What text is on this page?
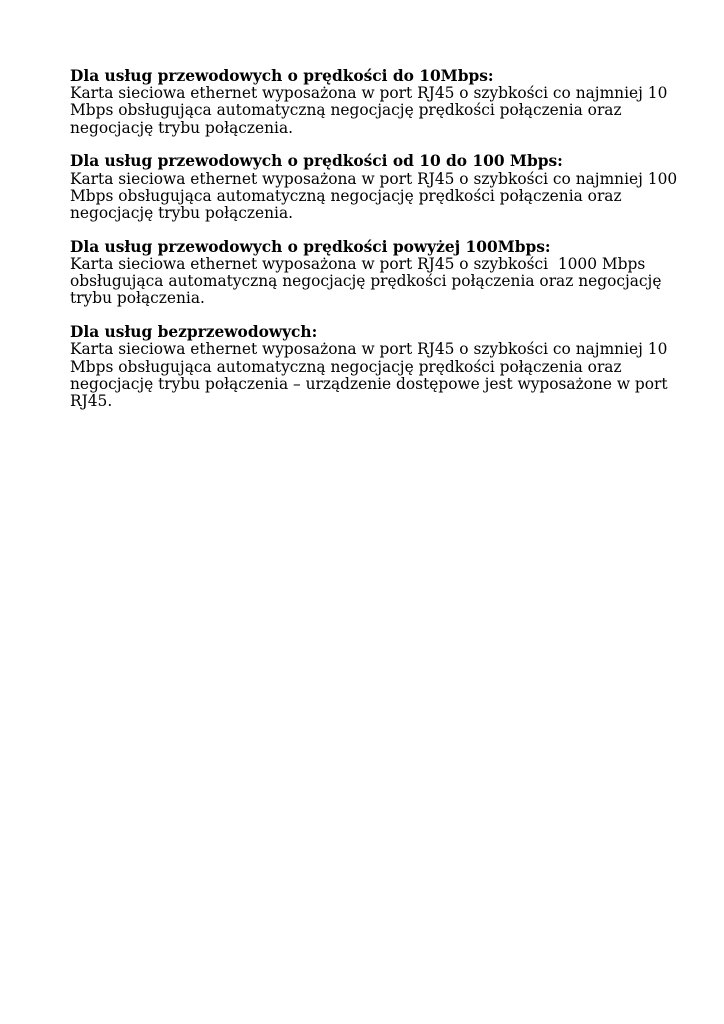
Dla usług przewodowych o prędkości do 10Mbps:
Karta sieciowa ethernet wyposażona w port RJ45 o szybkości co najmniej 10
Mbps obsługująca automatyczną negocjację prędkości połączenia oraz
negocjację trybu połączenia.
Dla usług przewodowych o prędkości od 10 do 100 Mbps:
Karta sieciowa ethernet wyposażona w port RJ45 o szybkości co najmniej 100
Mbps obsługująca automatyczną negocjację prędkości połączenia oraz
negocjację trybu połączenia.
Dla usług przewodowych o prędkości powyżej 100Mbps:
Karta sieciowa ethernet wyposażona w port RJ45 o szybkości  1000 Mbps
obsługująca automatyczną negocjację prędkości połączenia oraz negocjację
trybu połączenia.
Dla usług bezprzewodowych:
Karta sieciowa ethernet wyposażona w port RJ45 o szybkości co najmniej 10
Mbps obsługująca automatyczną negocjację prędkości połączenia oraz
negocjację trybu połączenia – urządzenie dostępowe jest wyposażone w port
RJ45.
